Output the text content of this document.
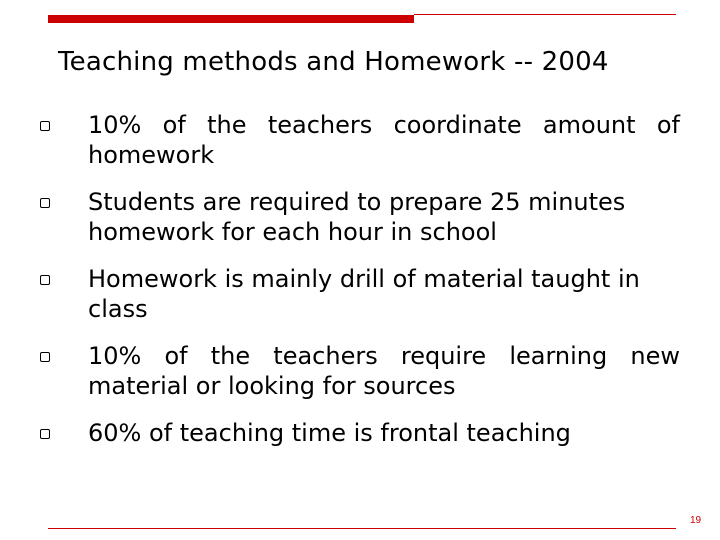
Teaching methods and Homework -- 2004
10% of the teachers coordinate amount of homework
Students are required to prepare 25 minutes homework for each hour in school
Homework is mainly drill of material taught in class
10% of the teachers require learning new material or looking for sources
60% of teaching time is frontal teaching
19
